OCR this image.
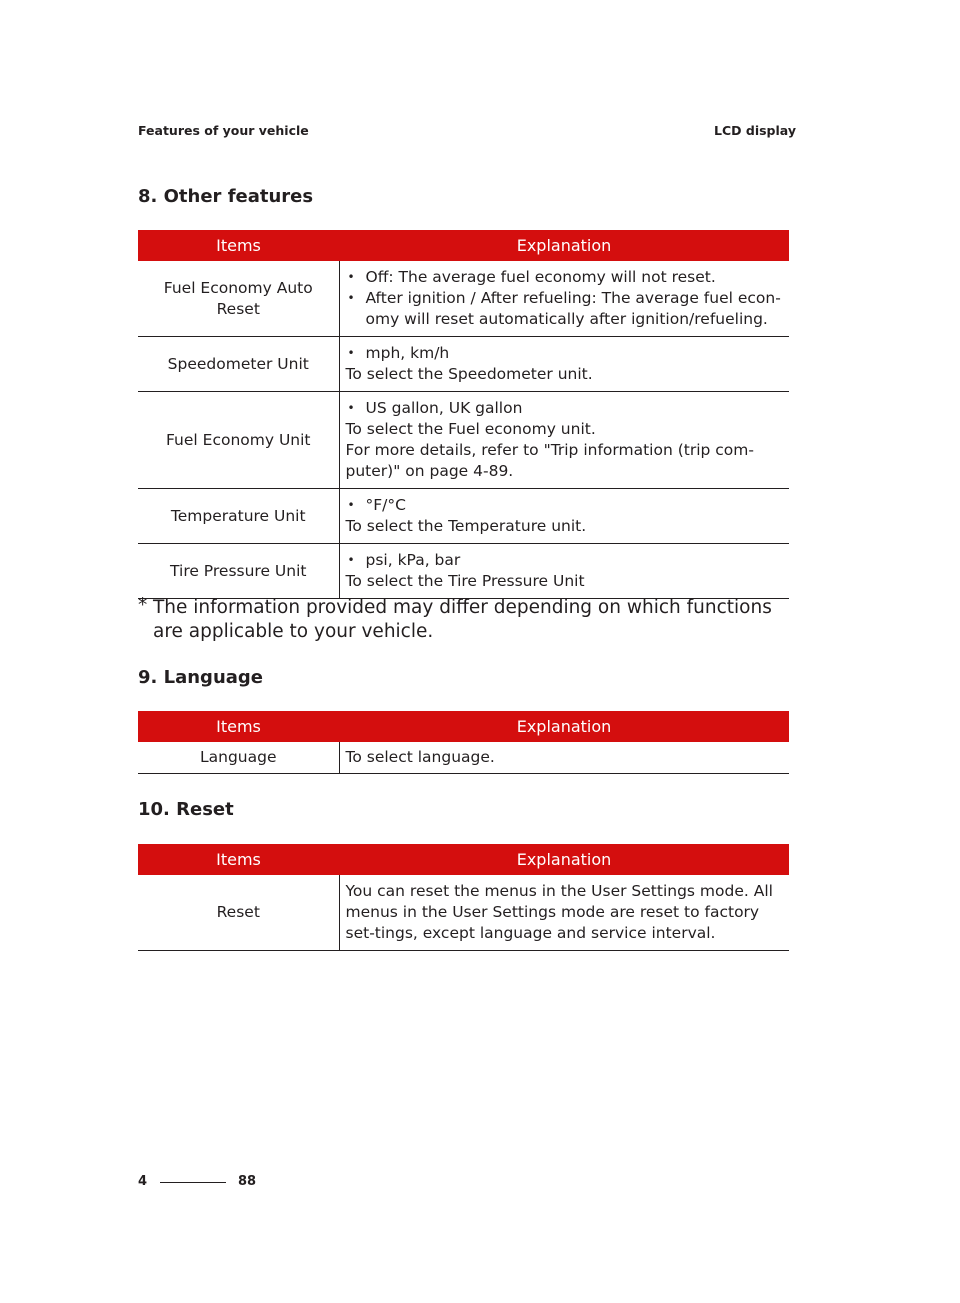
Features of your vehicle	LCD display
8. Other features
Items	Explanation
Fuel Economy Auto Reset	• Off: The average fuel economy will not reset.
• After ignition / After refueling: The average fuel econ-omy will reset automatically after ignition/refueling.

Speedometer Unit	• mph, km/h
To select the Speedometer unit.

Fuel Economy Unit	• US gallon, UK gallon
To select the Fuel economy unit.
For more details, refer to "Trip information (trip com-puter)" on page 4-89.

Temperature Unit	• °F/°C
To select the Temperature unit.

Tire Pressure Unit	• psi, kPa, bar
To select the Tire Pressure Unit
* The information provided may differ depending on which functions are applicable to your vehicle.
9. Language
Items	Explanation
Language	To select language.
10. Reset
Items	Explanation
Reset	You can reset the menus in the User Settings mode. All menus in the User Settings mode are reset to factory set-tings, except language and service interval.
4	88
